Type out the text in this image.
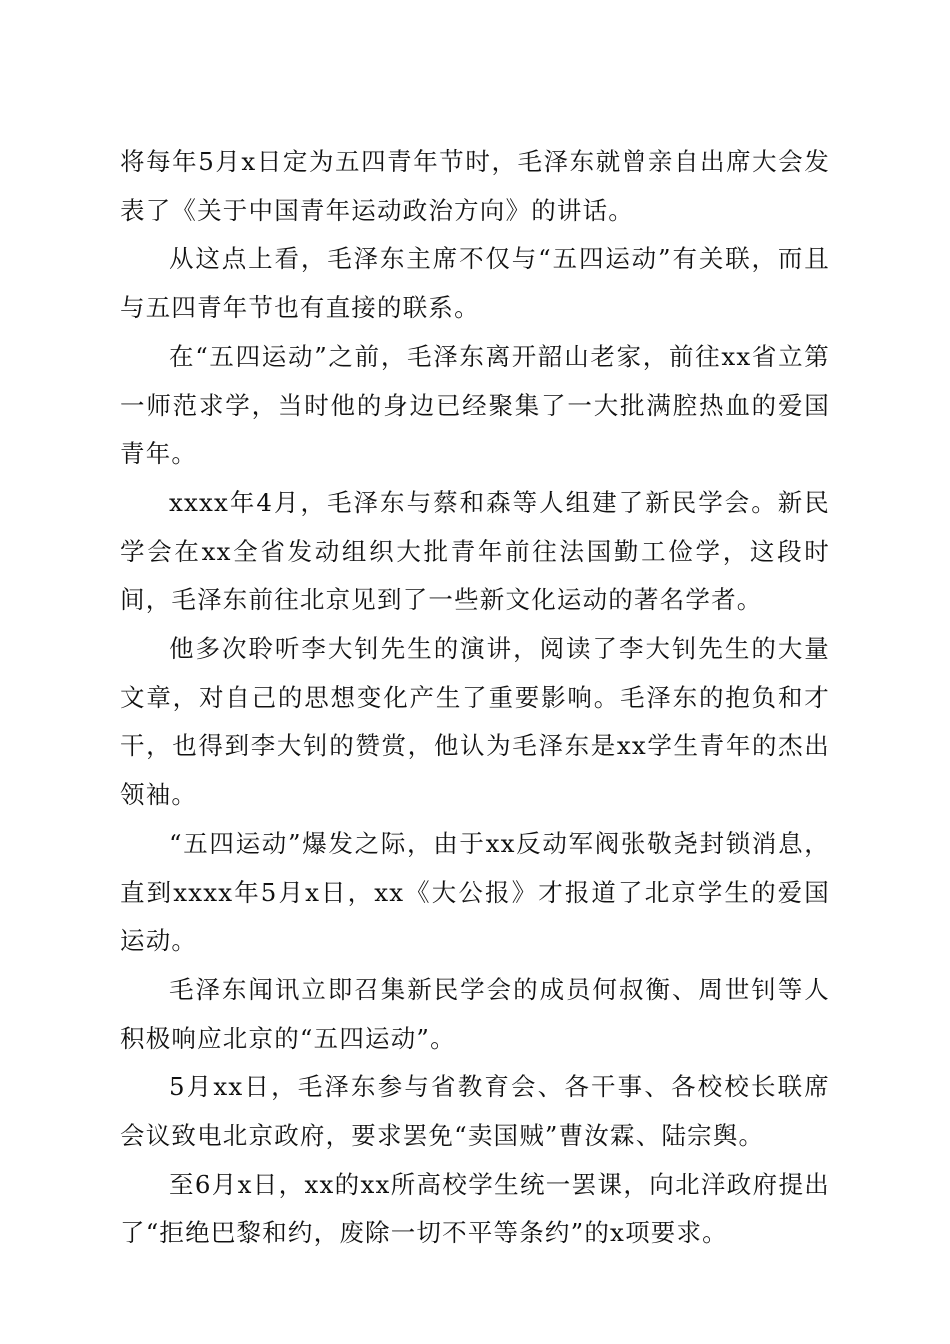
将每年5月x日定为五四青年节时，毛泽东就曾亲自出席大会发表了《关于中国青年运动政治方向》的讲话。

从这点上看，毛泽东主席不仅与“五四运动”有关联，而且与五四青年节也有直接的联系。

在“五四运动”之前，毛泽东离开韶山老家，前往xx省立第一师范求学，当时他的身边已经聚集了一大批满腔热血的爱国青年。

xxxx年4月，毛泽东与蔡和森等人组建了新民学会。新民学会在xx全省发动组织大批青年前往法国勤工俭学，这段时间，毛泽东前往北京见到了一些新文化运动的著名学者。

他多次聆听李大钊先生的演讲，阅读了李大钊先生的大量文章，对自己的思想变化产生了重要影响。毛泽东的抱负和才干，也得到李大钊的赞赏，他认为毛泽东是xx学生青年的杰出领袖。

“五四运动”爆发之际，由于xx反动军阀张敬尧封锁消息，直到xxxx年5月x日，xx《大公报》才报道了北京学生的爱国运动。

毛泽东闻讯立即召集新民学会的成员何叔衡、周世钊等人积极响应北京的“五四运动”。

5月xx日，毛泽东参与省教育会、各干事、各校校长联席会议致电北京政府，要求罢免“卖国贼”曹汝霖、陆宗舆。

至6月x日，xx的xx所高校学生统一罢课，向北洋政府提出了“拒绝巴黎和约，废除一切不平等条约”的x项要求。
